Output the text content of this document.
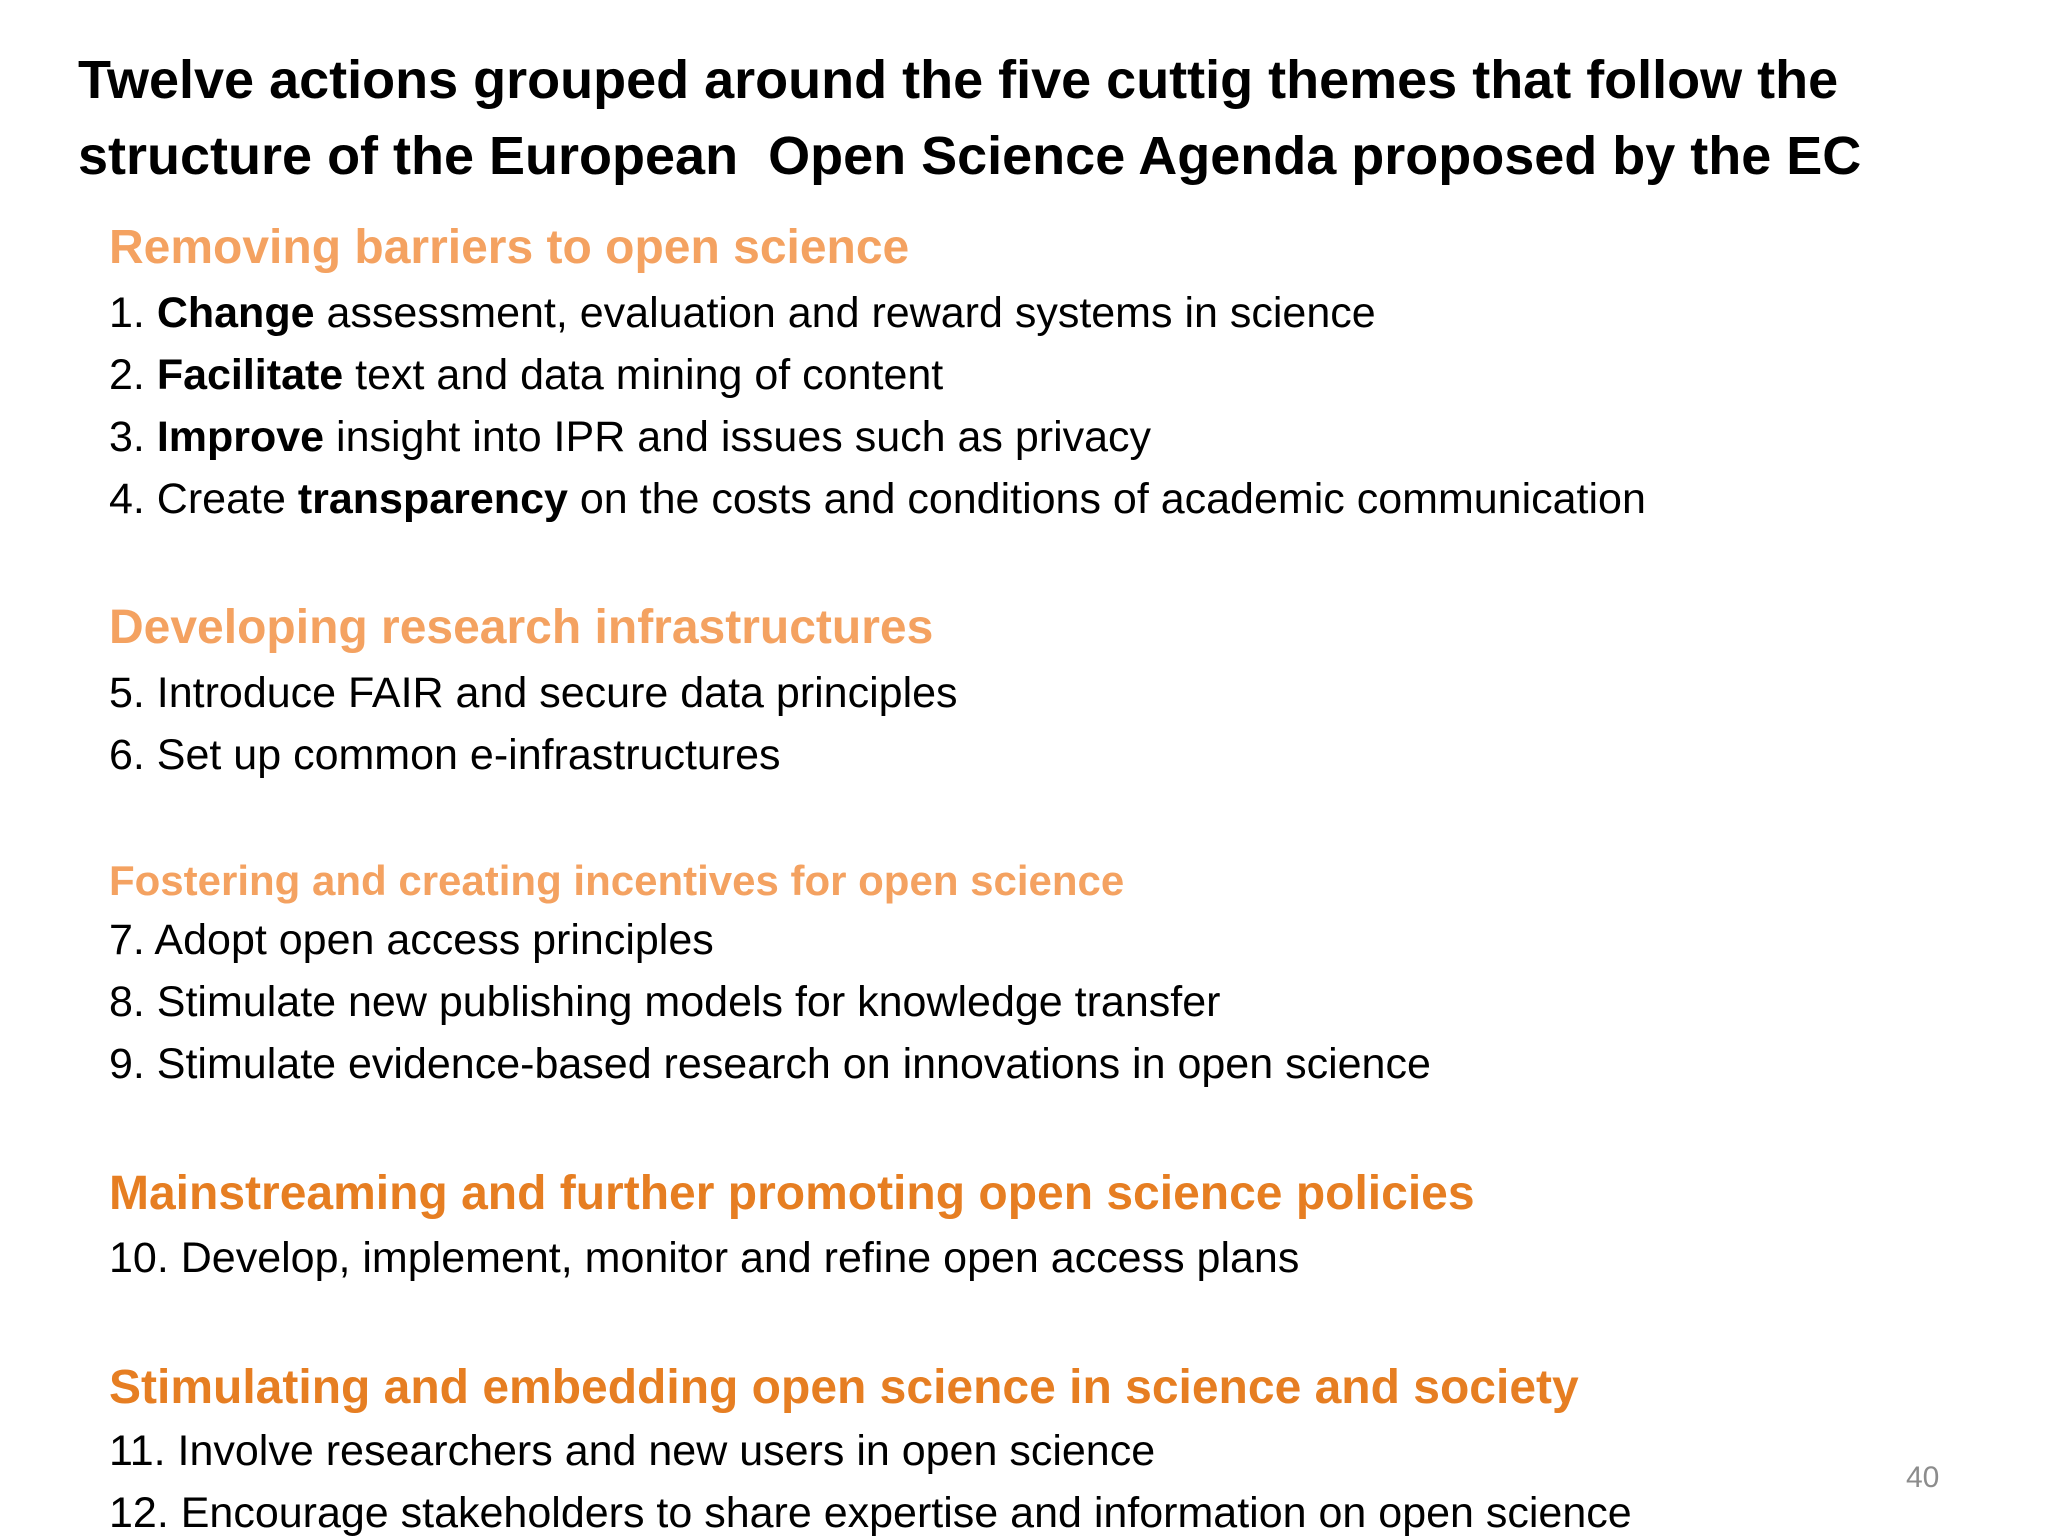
Twelve actions grouped around the five cuttig themes that follow the
structure of the European  Open Science Agenda proposed by the EC
Removing barriers to open science

1. Change assessment, evaluation and reward systems in science

2. Facilitate text and data mining of content

3. Improve insight into IPR and issues such as privacy

4. Create transparency on the costs and conditions of academic communication

Developing research infrastructures

5. Introduce FAIR and secure data principles

6. Set up common e-infrastructures

Fostering and creating incentives for open science

7. Adopt open access principles

8. Stimulate new publishing models for knowledge transfer

9. Stimulate evidence-based research on innovations in open science

Mainstreaming and further promoting open science policies

10. Develop, implement, monitor and refine open access plans

Stimulating and embedding open science in science and society

11. Involve researchers and new users in open science

12. Encourage stakeholders to share expertise and information on open science

40
